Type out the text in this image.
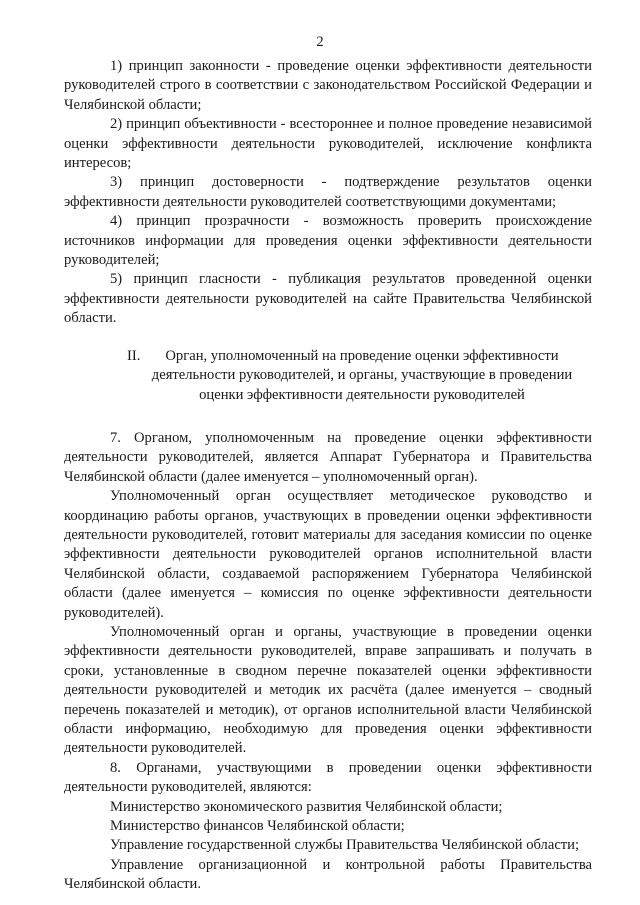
2

1) принцип законности - проведение оценки эффективности деятельности руководителей строго в соответствии с законодательством Российской Федерации и Челябинской области;

2) принцип объективности - всестороннее и полное проведение независимой оценки эффективности деятельности руководителей, исключение конфликта интересов;

3) принцип достоверности - подтверждение результатов оценки эффективности деятельности руководителей соответствующими документами;

4) принцип прозрачности - возможность проверить происхождение источников информации для проведения оценки эффективности деятельности руководителей;

5) принцип гласности - публикация результатов проведенной оценки эффективности деятельности руководителей на сайте Правительства Челябинской области.

II.	Орган, уполномоченный на проведение оценки эффективности деятельности руководителей, и органы, участвующие в проведении оценки эффективности деятельности руководителей

7. Органом, уполномоченным на проведение оценки эффективности деятельности руководителей, является Аппарат Губернатора и Правительства Челябинской области (далее именуется – уполномоченный орган).

Уполномоченный орган осуществляет методическое руководство и координацию работы органов, участвующих в проведении оценки эффективности деятельности руководителей, готовит материалы для заседания комиссии по оценке эффективности деятельности руководителей органов исполнительной власти Челябинской области, создаваемой распоряжением Губернатора Челябинской области (далее именуется – комиссия по оценке эффективности деятельности руководителей).

Уполномоченный орган и органы, участвующие в проведении оценки эффективности деятельности руководителей, вправе запрашивать и получать в сроки, установленные в сводном перечне показателей оценки эффективности деятельности руководителей и методик их расчёта (далее именуется – сводный перечень показателей и методик), от органов исполнительной власти Челябинской области информацию, необходимую для проведения оценки эффективности деятельности руководителей.

8. Органами, участвующими в проведении оценки эффективности деятельности руководителей, являются:

Министерство экономического развития Челябинской области;

Министерство финансов Челябинской области;

Управление государственной службы Правительства Челябинской области;

Управление организационной и контрольной работы Правительства Челябинской области.
